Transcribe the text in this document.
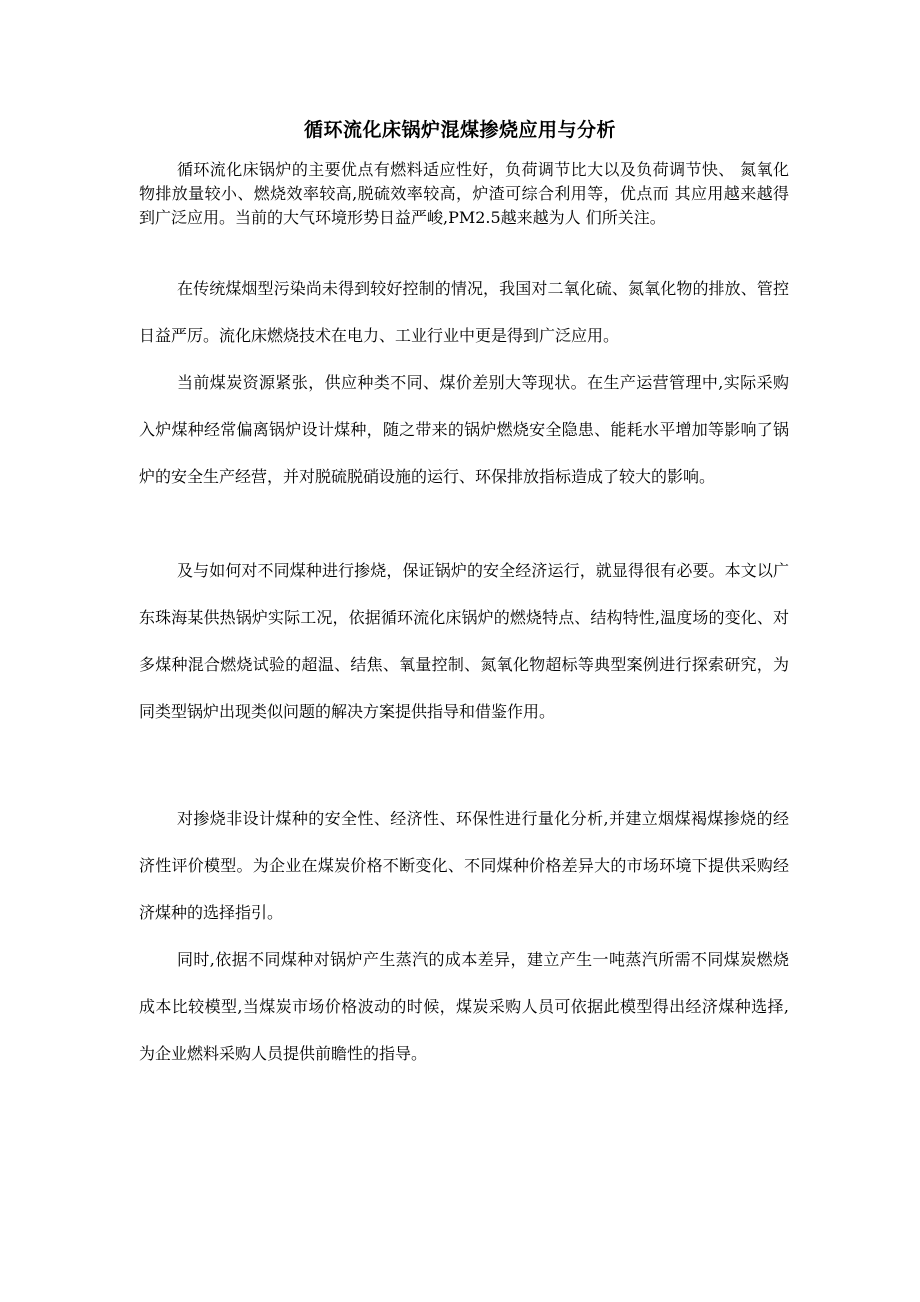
循环流化床锅炉混煤掺烧应用与分析

循环流化床锅炉的主要优点有燃料适应性好，负荷调节比大以及负荷调节快、 氮氧化物排放量较小、燃烧效率较高,脱硫效率较高，炉渣可综合利用等，优点而 其应用越来越得到广泛应用。当前的大气环境形势日益严峻,PM2.5越来越为人 们所关注。

在传统煤烟型污染尚未得到较好控制的情况，我国对二氧化硫、氮氧化物的排放、管控日益严厉。流化床燃烧技术在电力、工业行业中更是得到广泛应用。

当前煤炭资源紧张，供应种类不同、煤价差别大等现状。在生产运营管理中,实际采购入炉煤种经常偏离锅炉设计煤种，随之带来的锅炉燃烧安全隐患、能耗水平增加等影响了锅炉的安全生产经营，并对脱硫脱硝设施的运行、环保排放指标造成了较大的影响。

及与如何对不同煤种进行掺烧，保证锅炉的安全经济运行，就显得很有必要。本文以广东珠海某供热锅炉实际工况，依据循环流化床锅炉的燃烧特点、结构特性,温度场的变化、对多煤种混合燃烧试验的超温、结焦、氧量控制、氮氧化物超标等典型案例进行探索研究，为同类型锅炉出现类似问题的解决方案提供指导和借鉴作用。

对掺烧非设计煤种的安全性、经济性、环保性进行量化分析,并建立烟煤褐煤掺烧的经济性评价模型。为企业在煤炭价格不断变化、不同煤种价格差异大的市场环境下提供采购经济煤种的选择指引。

同时,依据不同煤种对锅炉产生蒸汽的成本差异，建立产生一吨蒸汽所需不同煤炭燃烧成本比较模型,当煤炭市场价格波动的时候，煤炭采购人员可依据此模型得出经济煤种选择,为企业燃料采购人员提供前瞻性的指导。
